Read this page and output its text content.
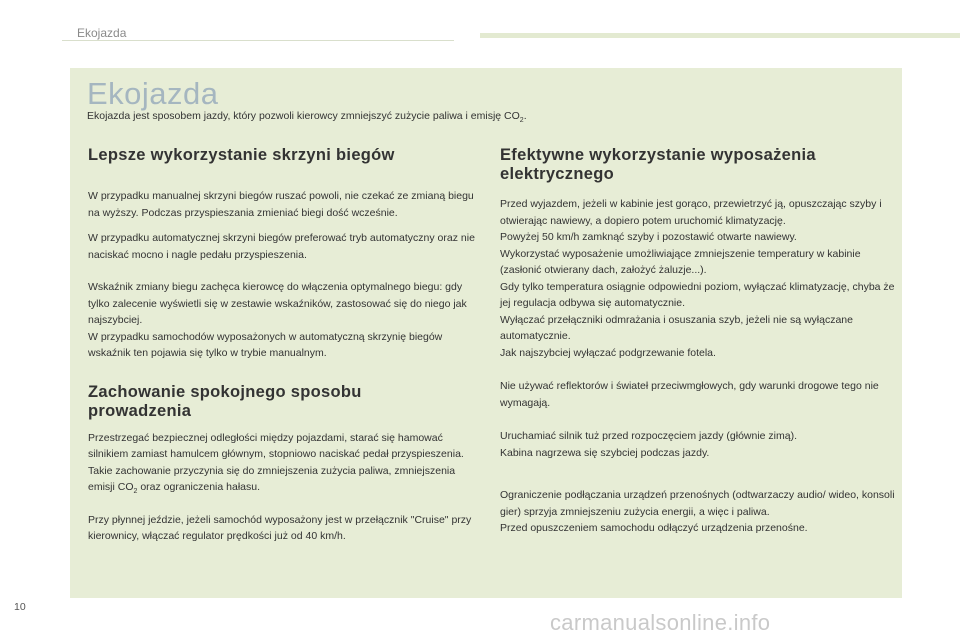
Ekojazda
Ekojazda
Ekojazda jest sposobem jazdy, który pozwoli kierowcy zmniejszyć zużycie paliwa i emisję $CO_2$.
Lepsze wykorzystanie skrzyni biegów

W przypadku manualnej skrzyni biegów ruszać powoli, nie czekać ze zmianą biegu na wyższy. Podczas przyspieszania zmieniać biegi dość wcześnie.

W przypadku automatycznej skrzyni biegów preferować tryb automatyczny oraz nie naciskać mocno i nagle pedału przyspieszenia.

Wskaźnik zmiany biegu zachęca kierowcę do włączenia optymalnego biegu: gdy tylko zalecenie wyświetli się w zestawie wskaźników, zastosować się do niego jak najszybciej.

W przypadku samochodów wyposażonych w automatyczną skrzynię biegów wskaźnik ten pojawia się tylko w trybie manualnym.

Zachowanie spokojnego sposobu
prowadzenia

Przestrzegać bezpiecznej odległości między pojazdami, starać się hamować silnikiem zamiast hamulcem głównym, stopniowo naciskać pedał przyspieszenia. Takie zachowanie przyczynia się do zmniejszenia zużycia paliwa, zmniejszenia emisji $CO_2$ oraz ograniczenia hałasu.

Przy płynnej jeździe, jeżeli samochód wyposażony jest w przełącznik "Cruise" przy kierownicy, włączać regulator prędkości już od 40 km/h.

Efektywne wykorzystanie wyposażenia
elektrycznego

Przed wyjazdem, jeżeli w kabinie jest gorąco, przewietrzyć ją, opuszczając szyby i otwierając nawiewy, a dopiero potem uruchomić klimatyzację.

Powyżej 50 km/h zamknąć szyby i pozostawić otwarte nawiewy.

Wykorzystać wyposażenie umożliwiające zmniejszenie temperatury w kabinie (zasłonić otwierany dach, założyć żaluzje...).

Gdy tylko temperatura osiągnie odpowiedni poziom, wyłączać klimatyzację, chyba że jej regulacja odbywa się automatycznie.

Wyłączać przełączniki odmrażania i osuszania szyb, jeżeli nie są wyłączane automatycznie.

Jak najszybciej wyłączać podgrzewanie fotela.

Nie używać reflektorów i świateł przeciwmgłowych, gdy warunki drogowe tego nie wymagają.

Uruchamiać silnik tuż przed rozpoczęciem jazdy (głównie zimą).

Kabina nagrzewa się szybciej podczas jazdy.

Ograniczenie podłączania urządzeń przenośnych (odtwarzaczy audio/ wideo, konsoli gier) sprzyja zmniejszeniu zużycia energii, a więc i paliwa.

Przed opuszczeniem samochodu odłączyć urządzenia przenośne.

10
carmanualsonline.info
